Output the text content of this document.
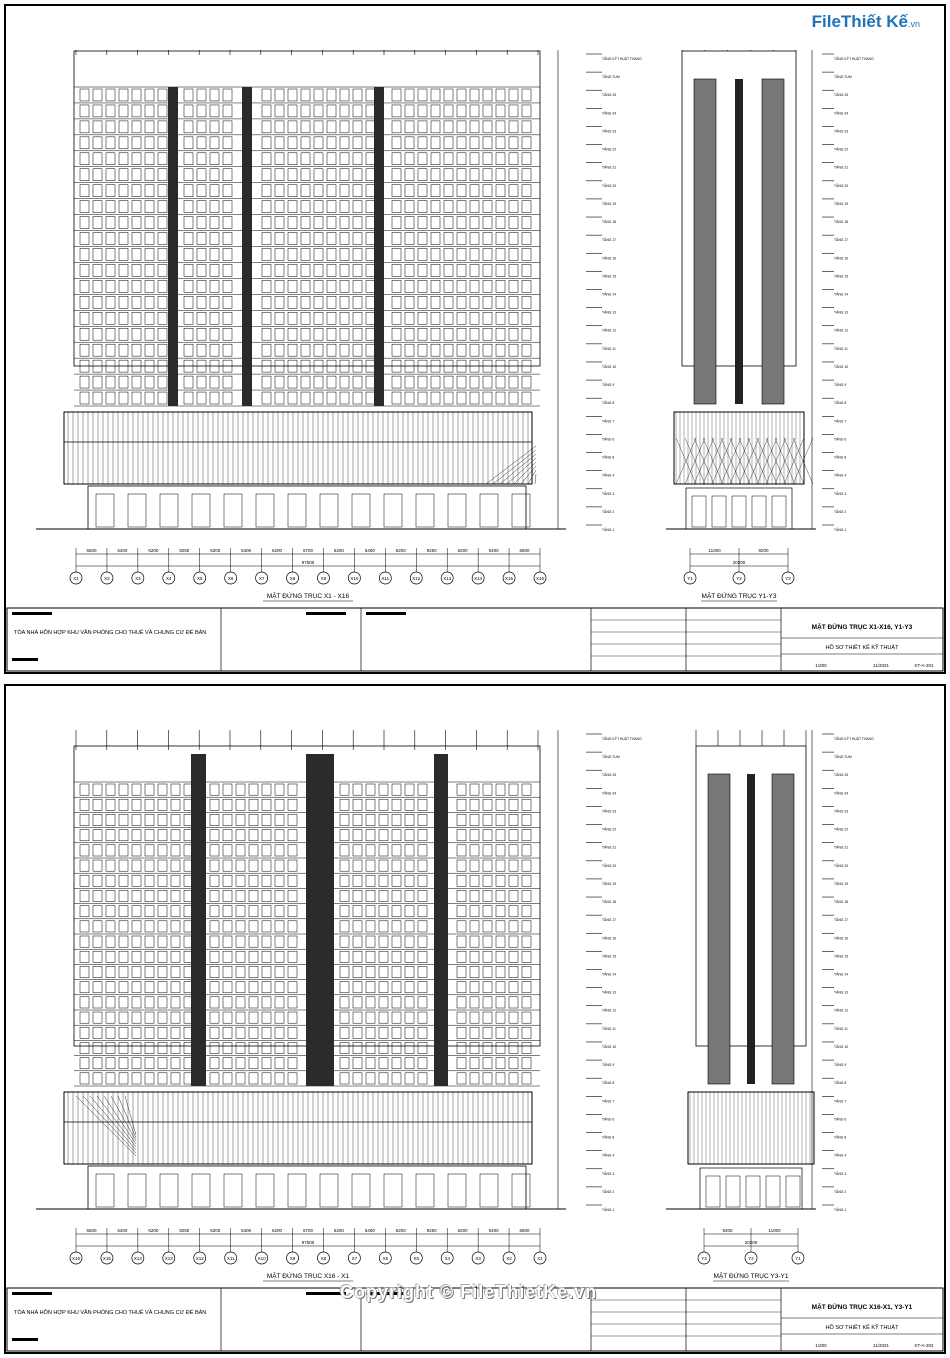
TẦNG KỸ THUẬT THANG
TẦNG TUM
TẦNG 25
TẦNG 24
TẦNG 23
TẦNG 22
TẦNG 21
TẦNG 20
TẦNG 19
TẦNG 18
TẦNG 17
TẦNG 16
TẦNG 15
TẦNG 14
TẦNG 13
TẦNG 12
TẦNG 11
TẦNG 10
TẦNG 9
TẦNG 8
TẦNG 7
TẦNG 6
TẦNG 5
TẦNG 4
TẦNG 3
TẦNG 2
TẦNG 1
6500	5400	6200	9250	6200	5400	6200	6700	6200	5400	6200	9250	6200	5400	6500
97500
X1	X2	X3	X4	X5	X6	X7	X8	X9	X10	X11	X12	X13	X14	X15	X16
MẶT ĐỨNG TRỤC X1 - X16
TẦNG KỸ THUẬT THANG
TẦNG TUM
TẦNG 25
TẦNG 24
TẦNG 23
TẦNG 22
TẦNG 21
TẦNG 20
TẦNG 19
TẦNG 18
TẦNG 17
TẦNG 16
TẦNG 15
TẦNG 14
TẦNG 13
TẦNG 12
TẦNG 11
TẦNG 10
TẦNG 9
TẦNG 8
TẦNG 7
TẦNG 6
TẦNG 5
TẦNG 4
TẦNG 3
TẦNG 2
TẦNG 1
11000	9200
20200
Y1	Y2	Y3
MẶT ĐỨNG TRỤC Y1-Y3
TÒA NHÀ HỖN HỢP KHU VĂN PHÒNG CHO THUÊ VÀ CHUNG CƯ ĐỂ BÁN
MẶT ĐỨNG TRỤC X1-X16, Y1-Y3
HỒ SƠ THIẾT KẾ KỸ THUẬT
1/200	11/2021	KT-A-201
TẦNG KỸ THUẬT THANG
TẦNG TUM
TẦNG 25
TẦNG 24
TẦNG 23
TẦNG 22
TẦNG 21
TẦNG 20
TẦNG 19
TẦNG 18
TẦNG 17
TẦNG 16
TẦNG 15
TẦNG 14
TẦNG 13
TẦNG 12
TẦNG 11
TẦNG 10
TẦNG 9
TẦNG 8
TẦNG 7
TẦNG 6
TẦNG 5
TẦNG 4
TẦNG 3
TẦNG 2
TẦNG 1
6500	5400	6200	9250	6200	5400	6200	6700	6200	5400	6200	9250	6200	5400	6500
97500
X16	X15	X14	X13	X12	X11	X10	X9	X8	X7	X6	X5	X4	X3	X2	X1
MẶT ĐỨNG TRỤC X16 - X1
TẦNG KỸ THUẬT THANG
TẦNG TUM
TẦNG 25
TẦNG 24
TẦNG 23
TẦNG 22
TẦNG 21
TẦNG 20
TẦNG 19
TẦNG 18
TẦNG 17
TẦNG 16
TẦNG 15
TẦNG 14
TẦNG 13
TẦNG 12
TẦNG 11
TẦNG 10
TẦNG 9
TẦNG 8
TẦNG 7
TẦNG 6
TẦNG 5
TẦNG 4
TẦNG 3
TẦNG 2
TẦNG 1
9200	11000
20200
Y3	Y2	Y1
MẶT ĐỨNG TRỤC Y3-Y1
TÒA NHÀ HỖN HỢP KHU VĂN PHÒNG CHO THUÊ VÀ CHUNG CƯ ĐỂ BÁN
MẶT ĐỨNG TRỤC X16-X1, Y3-Y1
HỒ SƠ THIẾT KẾ KỸ THUẬT
1/200	11/2021	KT-A-202
FileThiết Kế.vn
Copyright © FileThietKe.vn
